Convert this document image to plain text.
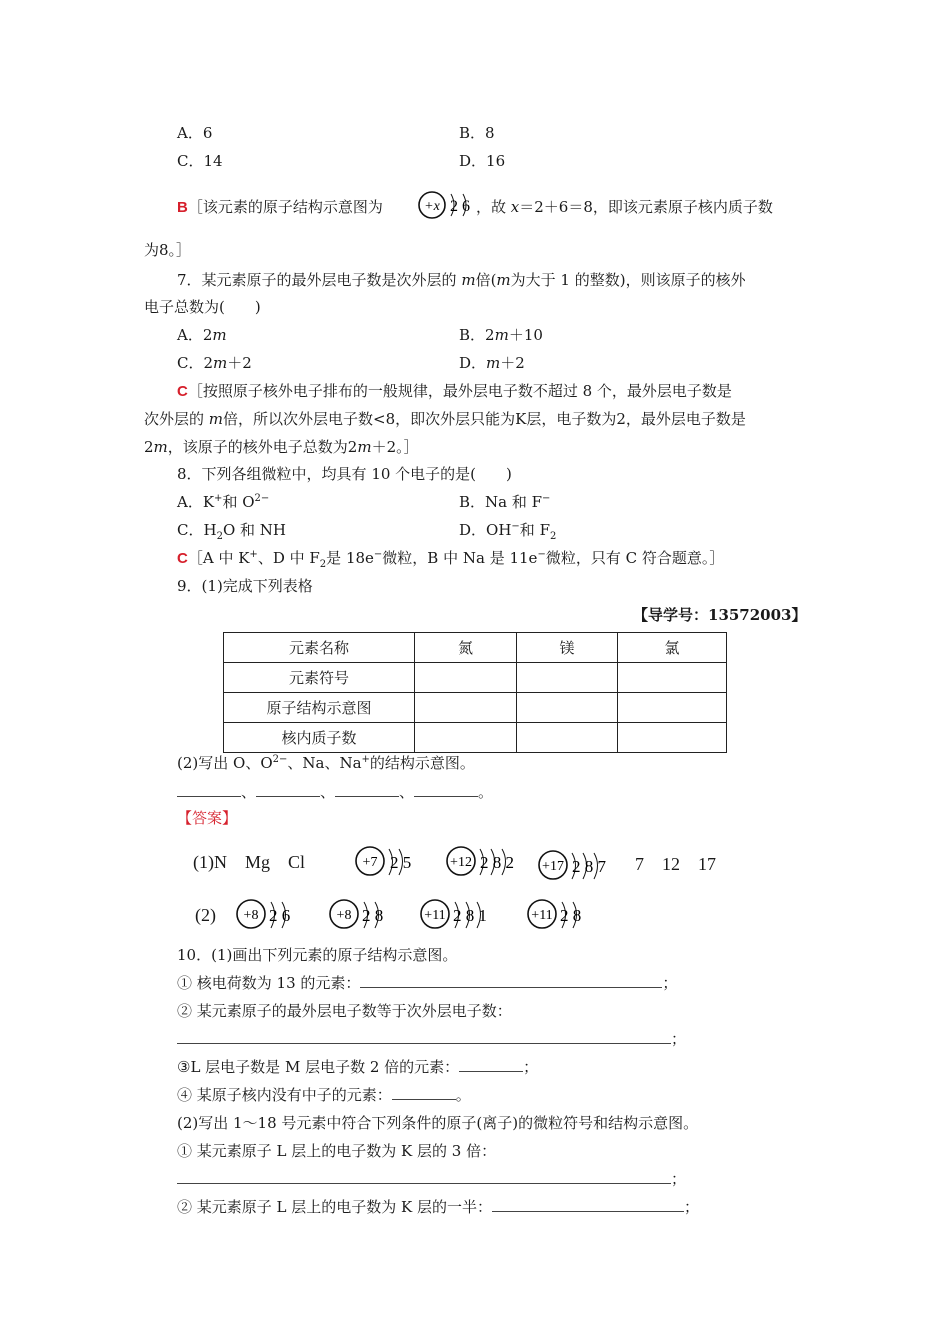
A．6	B．8
C．14	D．16
B［该元素的原子结构示意图为	+x 2 6 ，故 x＝2＋6＝8，即该元素原子核内质子数
为8。］
7．某元素原子的最外层电子数是次外层的 m倍(m为大于 1 的整数)，则该原子的核外
电子总数为(　　)
A．2m	B．2m＋10
C．2m＋2	D．m＋2
C［按照原子核外电子排布的一般规律，最外层电子数不超过 8 个，最外层电子数是
次外层的 m倍，所以次外层电子数<8，即次外层只能为K层，电子数为2，最外层电子数是
2m，该原子的核外电子总数为2m＋2。］
8．下列各组微粒中，均具有 10 个电子的是(　　)
A．K+和 $O^{2-}$	B．Na 和 F−
C．$H_2O$ 和 NH	D．OH−和 $F_2$
C［A 中 K+、D 中 $F_2$是 18e−微粒，B 中 Na 是 11e−微粒，只有 C 符合题意。］
9．(1)完成下列表格
【导学号：13572003】
元素名称	氮	镁	氯
元素符号			
原子结构示意图			
核内质子数			
(2)写出 O、$O^{2-}$、Na、Na+的结构示意图。
、	、	、	。
【答案】
(1)N　Mg　Cl	+7 2 5	+12 2 8 2 +17 2 8 7 7　12　17
(2) +8 2 6	+8 2 8	+11 2 8 1	+11 2 8
10．(1)画出下列元素的原子结构示意图。
① 核电荷数为 13 的元素：	；
② 某元素原子的最外层电子数等于次外层电子数：
；
③L 层电子数是 M 层电子数 2 倍的元素：	；
④ 某原子核内没有中子的元素：	。
(2)写出 1～18 号元素中符合下列条件的原子(离子)的微粒符号和结构示意图。
① 某元素原子 L 层上的电子数为 K 层的 3 倍：
；
② 某元素原子 L 层上的电子数为 K 层的一半：	；
